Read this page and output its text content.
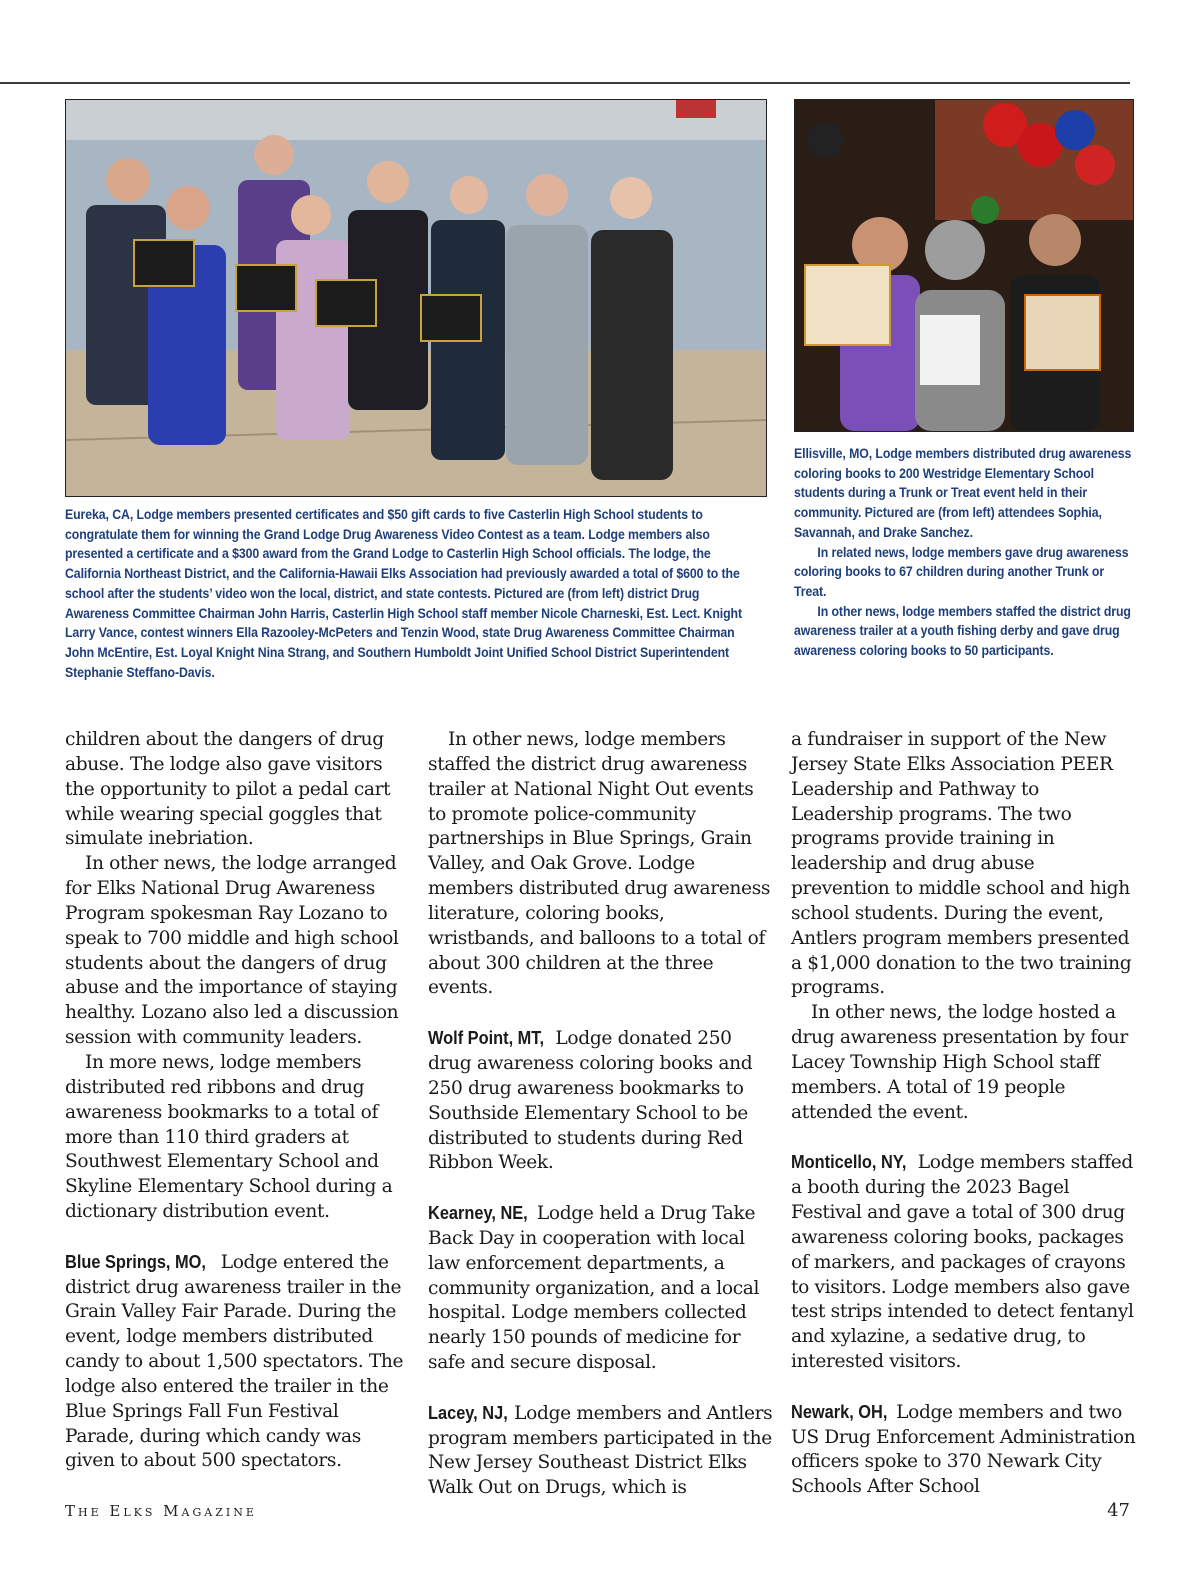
Eureka, CA, Lodge members presented certificates and $50 gift cards to five Casterlin High School students to congratulate them for winning the Grand Lodge Drug Awareness Video Contest as a team. Lodge members also presented a certificate and a $300 award from the Grand Lodge to Casterlin High School officials. The lodge, the California Northeast District, and the California-Hawaii Elks Association had previously awarded a total of $600 to the school after the students’ video won the local, district, and state contests. Pictured are (from left) district Drug Awareness Committee Chairman John Harris, Casterlin High School staff member Nicole Charneski, Est. Lect. Knight Larry Vance, contest winners Ella Razooley-McPeters and Tenzin Wood, state Drug Awareness Committee Chairman John McEntire, Est. Loyal Knight Nina Strang, and Southern Humboldt Joint Unified School District Superintendent Stephanie Steffano-Davis.

Ellisville, MO, Lodge members distributed drug awareness coloring books to 200 Westridge Elementary School students during a Trunk or Treat event held in their community. Pictured are (from left) attendees Sophia, Savannah, and Drake Sanchez.

In related news, lodge members gave drug awareness coloring books to 67 children during another Trunk or Treat.

In other news, lodge members staffed the district drug awareness trailer at a youth fishing derby and gave drug awareness coloring books to 50 participants.

children about the dangers of drug abuse. The lodge also gave visitors the opportunity to pilot a pedal cart while wearing special goggles that simulate inebriation.

In other news, the lodge arranged for Elks National Drug Awareness Program spokesman Ray Lozano to speak to 700 middle and high school students about the dangers of drug abuse and the importance of staying healthy. Lozano also led a discussion session with community leaders.

In more news, lodge members distributed red ribbons and drug awareness bookmarks to a total of more than 110 third graders at Southwest Elementary School and Skyline Elementary School during a dictionary distribution event.

Blue Springs, MO, Lodge entered the district drug awareness trailer in the Grain Valley Fair Parade. During the event, lodge members distributed candy to about 1,500 spectators. The lodge also entered the trailer in the Blue Springs Fall Fun Festival Parade, during which candy was given to about 500 spectators.

In other news, lodge members staffed the district drug awareness trailer at National Night Out events to promote police-community partnerships in Blue Springs, Grain Valley, and Oak Grove. Lodge members distributed drug awareness literature, coloring books, wristbands, and balloons to a total of about 300 children at the three events.

Wolf Point, MT, Lodge donated 250 drug awareness coloring books and 250 drug awareness bookmarks to Southside Elementary School to be distributed to students during Red Ribbon Week.

Kearney, NE, Lodge held a Drug Take Back Day in cooperation with local law enforcement departments, a community organization, and a local hospital. Lodge members collected nearly 150 pounds of medicine for safe and secure disposal.

Lacey, NJ, Lodge members and Antlers program members participated in the New Jersey Southeast District Elks Walk Out on Drugs, which is

a fundraiser in support of the New Jersey State Elks Association PEER Leadership and Pathway to Leadership programs. The two programs provide training in leadership and drug abuse prevention to middle school and high school students. During the event, Antlers program members presented a $1,000 donation to the two training programs.

In other news, the lodge hosted a drug awareness presentation by four Lacey Township High School staff members. A total of 19 people attended the event.

Monticello, NY, Lodge members staffed a booth during the 2023 Bagel Festival and gave a total of 300 drug awareness coloring books, packages of markers, and packages of crayons to visitors. Lodge members also gave test strips intended to detect fentanyl and xylazine, a sedative drug, to interested visitors.

Newark, OH, Lodge members and two US Drug Enforcement Administration officers spoke to 370 Newark City Schools After School

The Elks Magazine	47
